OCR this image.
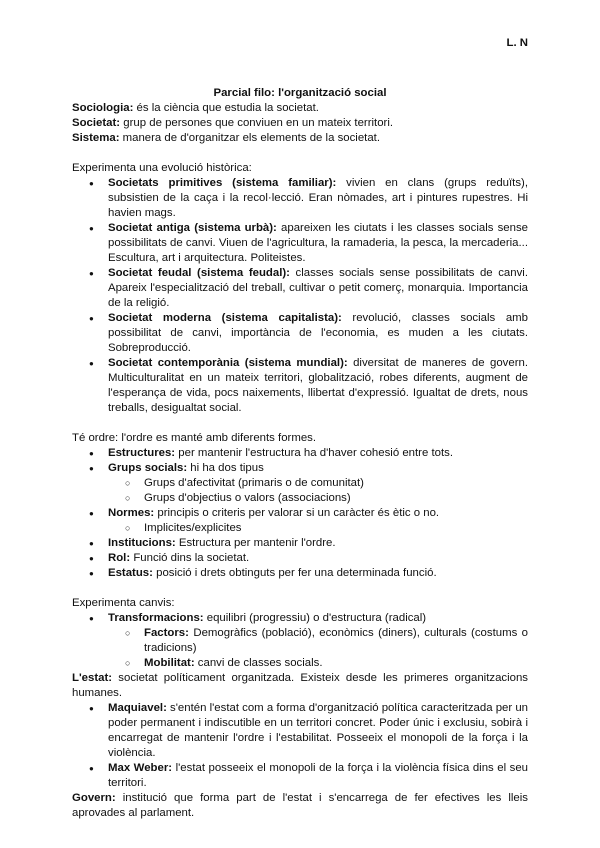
L. N
Parcial filo: l'organització social

Sociologia: és la ciència que estudia la societat.

Societat: grup de persones que conviuen en un mateix territori.

Sistema: manera de d'organitzar els elements de la societat.

Experimenta una evolució històrica:

● Societats primitives (sistema familiar): vivien en clans (grups reduïts), subsistien de la caça i la recol·lecció. Eran nòmades, art i pintures rupestres. Hi havien mags.
● Societat antiga (sistema urbà): apareixen les ciutats i les classes socials sense possibilitats de canvi. Viuen de l'agricultura, la ramaderia, la pesca, la mercaderia... Escultura, art i arquitectura. Politeistes.
● Societat feudal (sistema feudal): classes socials sense possibilitats de canvi. Apareix l'especialització del treball, cultivar o petit comerç, monarquia. Importancia de la religió.
● Societat moderna (sistema capitalista): revolució, classes socials amb possibilitat de canvi, importància de l'economia, es muden a les ciutats. Sobreproducció.
● Societat contemporània (sistema mundial): diversitat de maneres de govern. Multiculturalitat en un mateix territori, globalització, robes diferents, augment de l'esperança de vida, pocs naixements, llibertat d'expressió. Igualtat de drets, nous treballs, desigualtat social.

Té ordre: l'ordre es manté amb diferents formes.

● Estructures: per mantenir l'estructura ha d'haver cohesió entre tots.
● Grups socials: hi ha dos tipus
○ Grups d'afectivitat (primaris o de comunitat)
○ Grups d'objectius o valors (associacions)
● Normes: principis o criteris per valorar si un caràcter és ètic o no.
○ Implicites/explicites
● Institucions: Estructura per mantenir l'ordre.
● Rol: Funció dins la societat.
● Estatus: posició i drets obtinguts per fer una determinada funció.

Experimenta canvis:

● Transformacions: equilibri (progressiu) o d'estructura (radical)
○ Factors: Demogràfics (població), econòmics (diners), culturals (costums o tradicions)
○ Mobilitat: canvi de classes socials.

L'estat: societat políticament organitzada. Existeix desde les primeres organitzacions humanes.

● Maquiavel: s'entén l'estat com a forma d'organització política caracteritzada per un poder permanent i indiscutible en un territori concret. Poder únic i exclusiu, sobirà i encarregat de mantenir l'ordre i l'estabilitat. Posseeix el monopoli de la força i la violència.
● Max Weber: l'estat posseeix el monopoli de la força i la violència física dins el seu territori.

Govern: institució que forma part de l'estat i s'encarrega de fer efectives les lleis aprovades al parlament.
